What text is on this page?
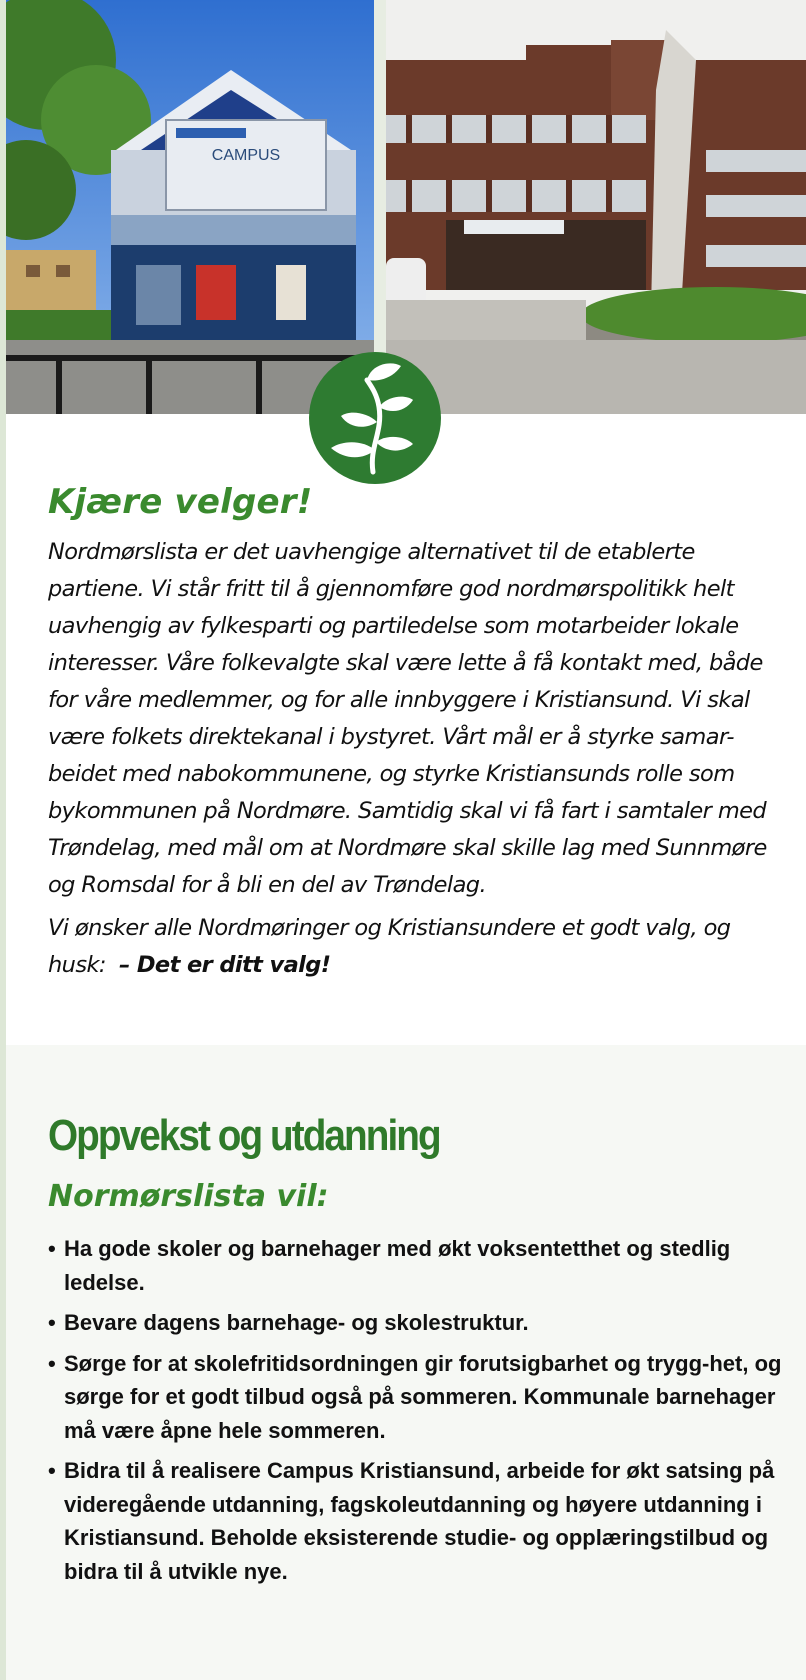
CAMPUS
Kjære velger!

Nordmørslista er det uavhengige alternativet til de etablerte partiene. Vi står fritt til å gjennomføre god nordmørspolitikk helt uavhengig av fylkesparti og partiledelse som motarbeider lokale interesser. Våre folkevalgte skal være lette å få kontakt med, både for våre medlemmer, og for alle innbyggere i Kristiansund. Vi skal være folkets direktekanal i bystyret. Vårt mål er å styrke samar-beidet med nabokommunene, og styrke Kristiansunds rolle som bykommunen på Nordmøre. Samtidig skal vi få fart i samtaler med Trøndelag, med mål om at Nordmøre skal skille lag med Sunnmøre og Romsdal for å bli en del av Trøndelag.

Vi ønsker alle Nordmøringer og Kristiansundere et godt valg, og husk: – Det er ditt valg!

Oppvekst og utdanning
Normørslista vil:
• Ha gode skoler og barnehager med økt voksentetthet og stedlig ledelse.
• Bevare dagens barnehage- og skolestruktur.
• Sørge for at skolefritidsordningen gir forutsigbarhet og trygg-het, og sørge for et godt tilbud også på sommeren. Kommunale barnehager må være åpne hele sommeren.
• Bidra til å realisere Campus Kristiansund, arbeide for økt satsing på videregående utdanning, fagskoleutdanning og høyere utdanning i Kristiansund. Beholde eksisterende studie- og opplæringstilbud og bidra til å utvikle nye.
